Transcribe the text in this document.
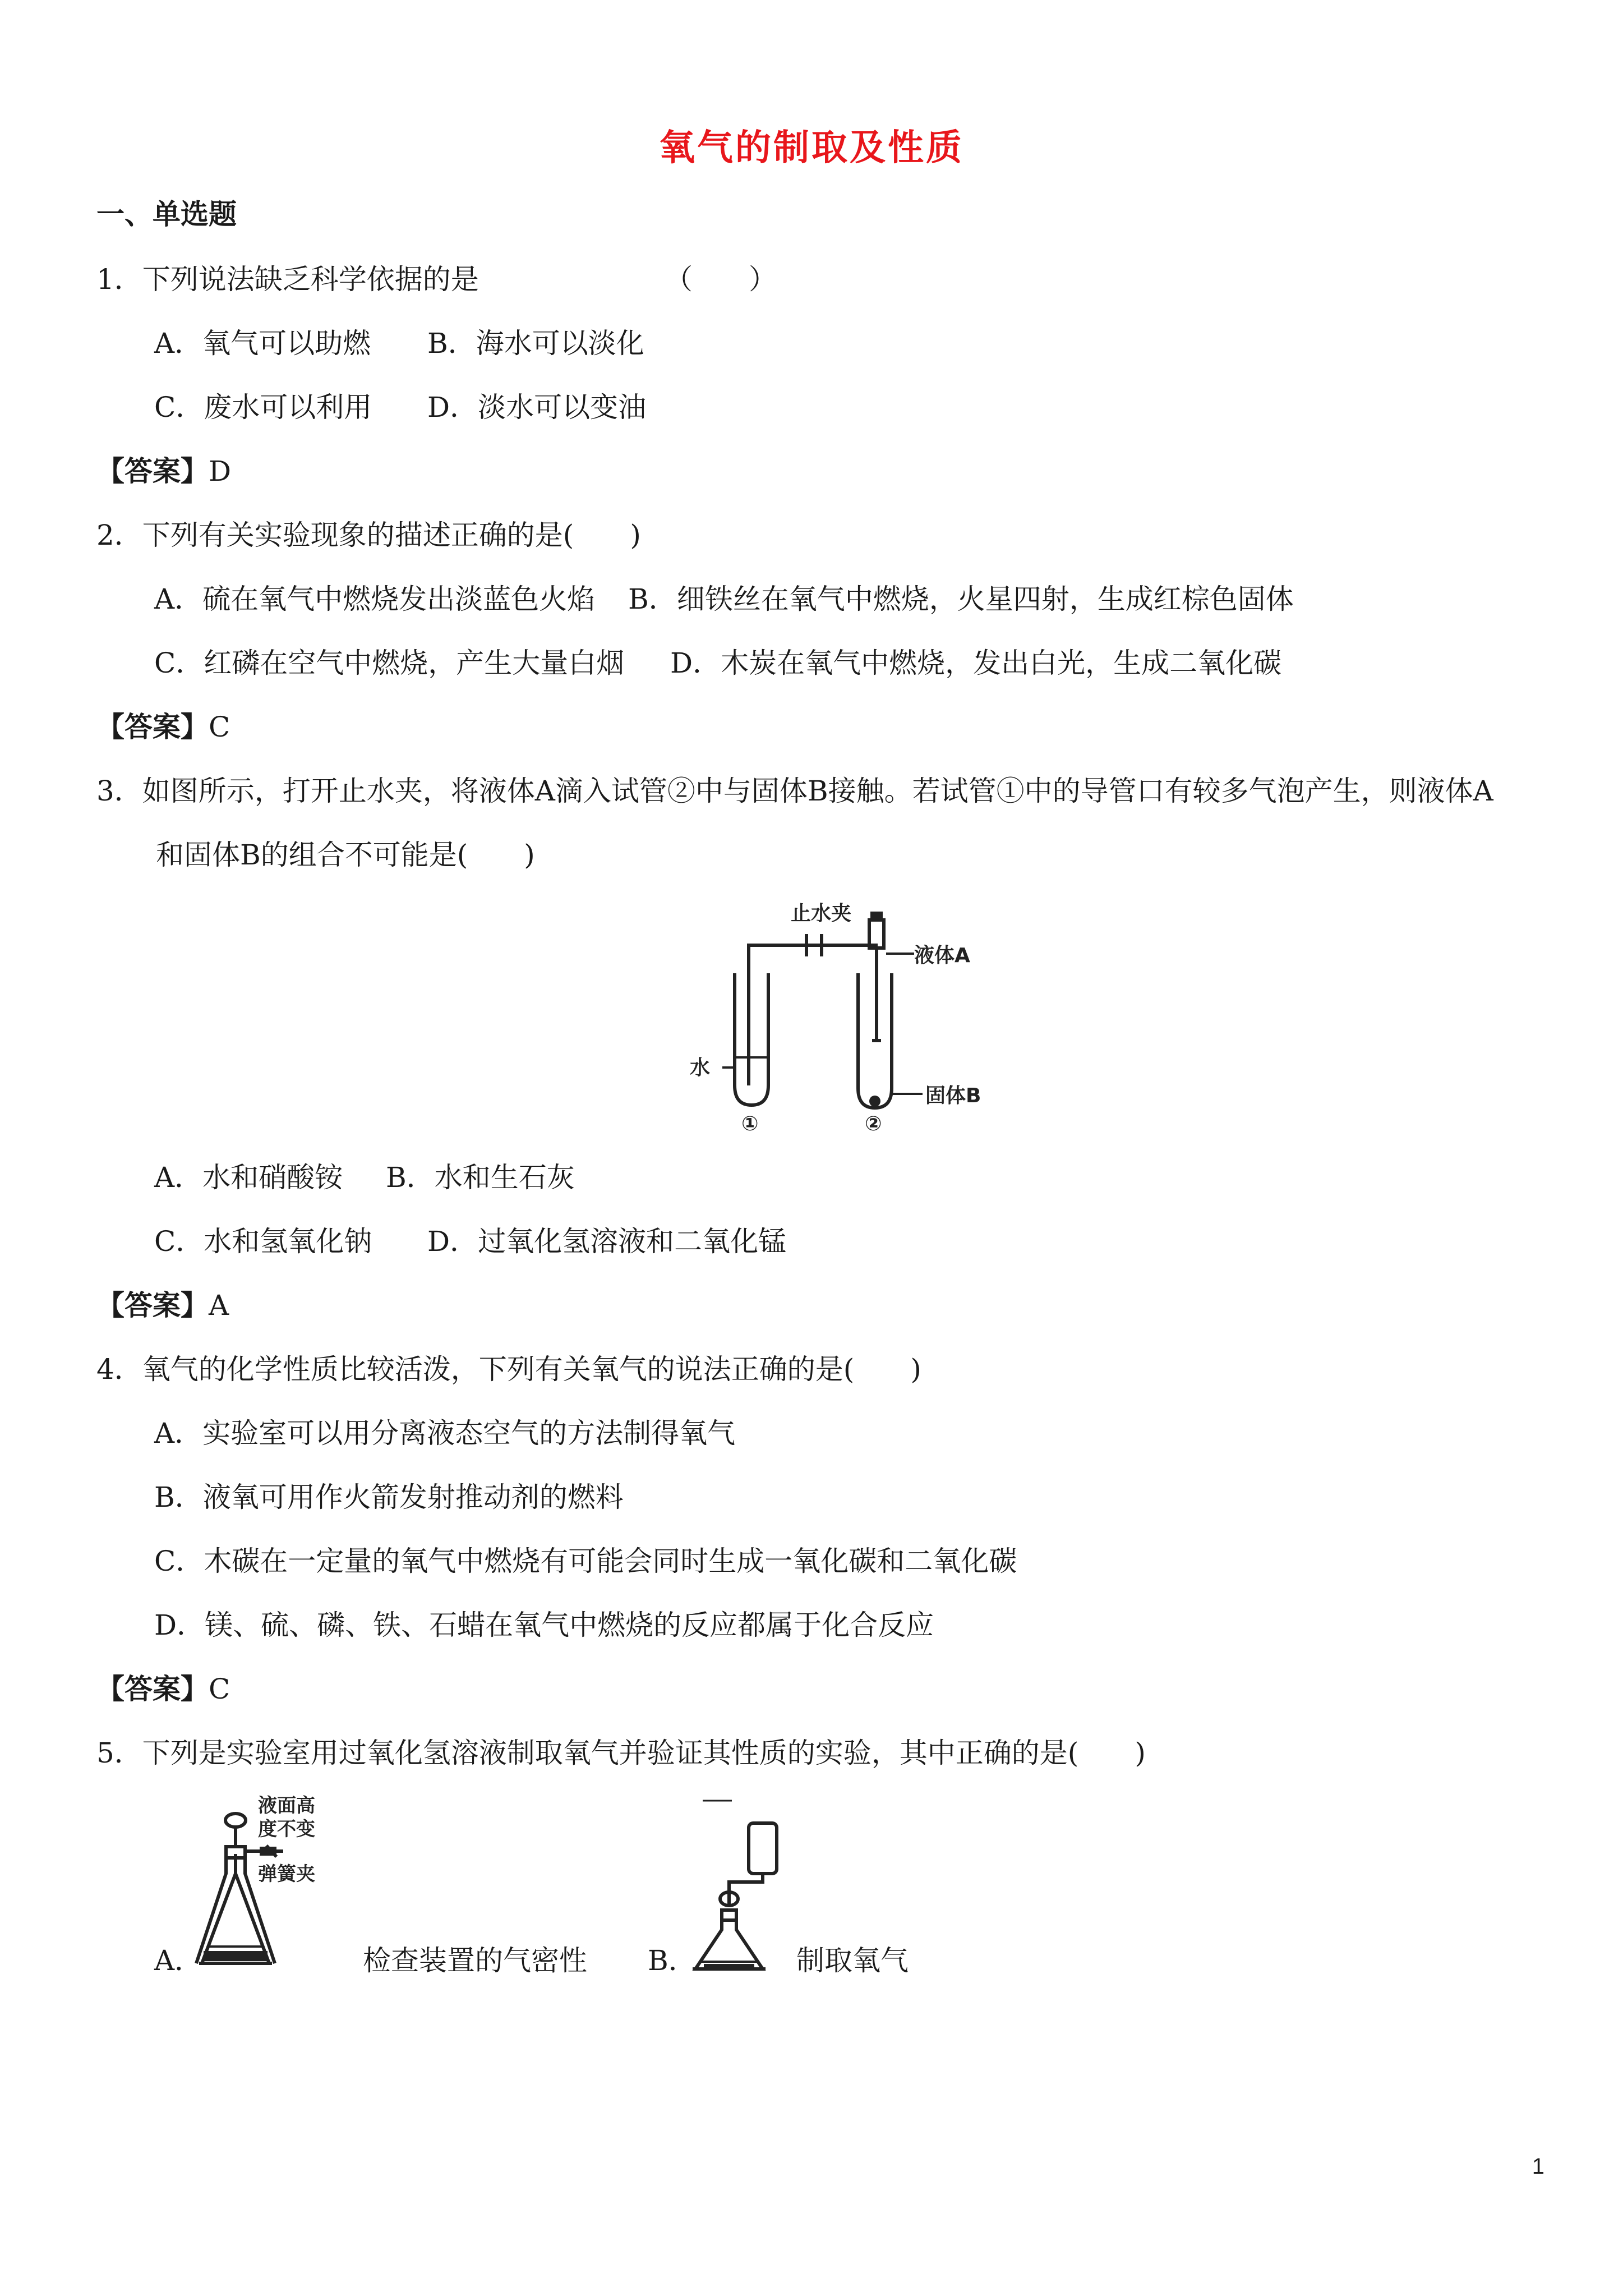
氧气的制取及性质
一、单选题
1．下列说法缺乏科学依据的是	（　　）
A．氧气可以助燃 B．海水可以淡化
C．废水可以利用 D．淡水可以变油
【答案】D
2．下列有关实验现象的描述正确的是(　　)
A．硫在氧气中燃烧发出淡蓝色火焰 B．细铁丝在氧气中燃烧，火星四射，生成红棕色固体
C．红磷在空气中燃烧，产生大量白烟 D．木炭在氧气中燃烧，发出白光，生成二氧化碳
【答案】C
3．如图所示，打开止水夹，将液体A滴入试管②中与固体B接触。若试管①中的导管口有较多气泡产生，则液体A
和固体B的组合不可能是(　　)
止水夹
液体A
水
固体B
①	②
A．水和硝酸铵 B．水和生石灰
C．水和氢氧化钠 D．过氧化氢溶液和二氧化锰
【答案】A
4．氧气的化学性质比较活泼，下列有关氧气的说法正确的是(　　)
A．实验室可以用分离液态空气的方法制得氧气
B．液氧可用作火箭发射推动剂的燃料
C．木碳在一定量的氧气中燃烧有可能会同时生成一氧化碳和二氧化碳
D．镁、硫、磷、铁、石蜡在氧气中燃烧的反应都属于化合反应
【答案】C
5．下列是实验室用过氧化氢溶液制取氧气并验证其性质的实验，其中正确的是(　　)
液面高
度不变
弹簧夹
A．	检查装置的气密性 B．	制取氧气
1
